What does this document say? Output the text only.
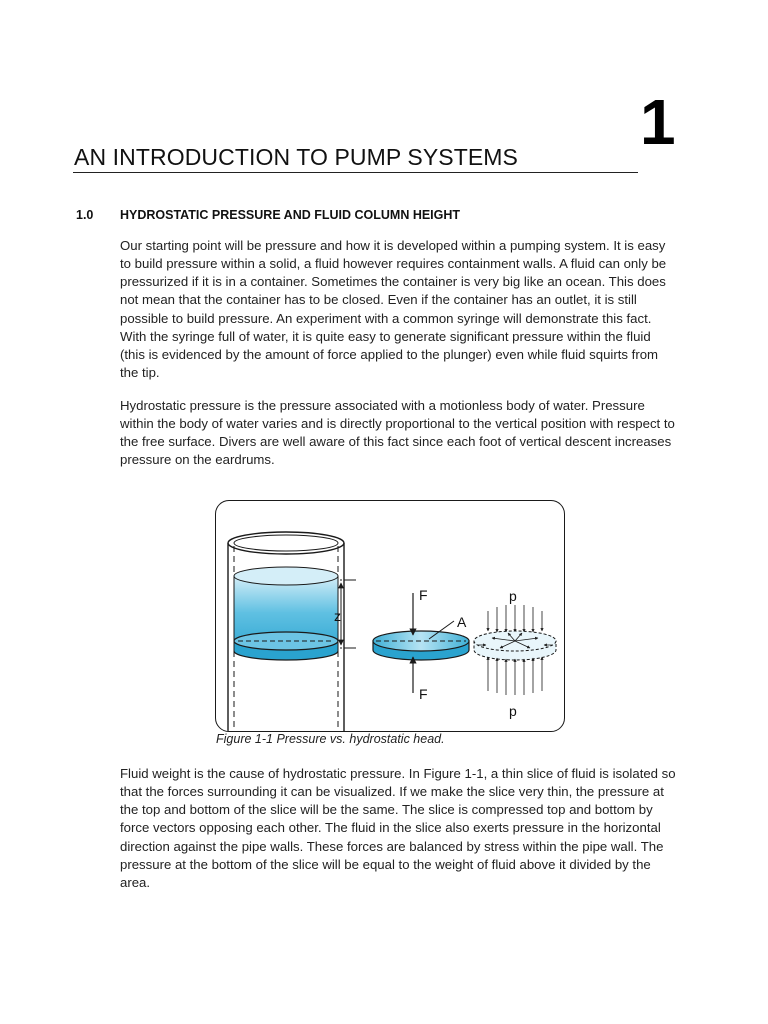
1
AN INTRODUCTION TO PUMP SYSTEMS
1.0 HYDROSTATIC PRESSURE AND FLUID COLUMN HEIGHT

Our starting point will be pressure and how it is developed within a pumping system. It is easy to build pressure within a solid, a fluid however requires containment walls. A fluid can only be pressurized if it is in a container. Sometimes the container is very big like an ocean. This does not mean that the container has to be closed. Even if the container has an outlet, it is still possible to build pressure. An experiment with a common syringe will demonstrate this fact. With the syringe full of water, it is quite easy to generate significant pressure within the fluid (this is evidenced by the amount of force applied to the plunger) even while fluid squirts from the tip.

Hydrostatic pressure is the pressure associated with a motionless body of water. Pressure within the body of water varies and is directly proportional to the vertical position with respect to the free surface. Divers are well aware of this fact since each foot of vertical descent increases pressure on the eardrums.

z
F
F
A
p
p
Figure 1-1 Pressure vs. hydrostatic head.

Fluid weight is the cause of hydrostatic pressure. In Figure 1-1, a thin slice of fluid is isolated so that the forces surrounding it can be visualized. If we make the slice very thin, the pressure at the top and bottom of the slice will be the same. The slice is compressed top and bottom by force vectors opposing each other. The fluid in the slice also exerts pressure in the horizontal direction against the pipe walls. These forces are balanced by stress within the pipe wall. The pressure at the bottom of the slice will be equal to the weight of fluid above it divided by the area.
